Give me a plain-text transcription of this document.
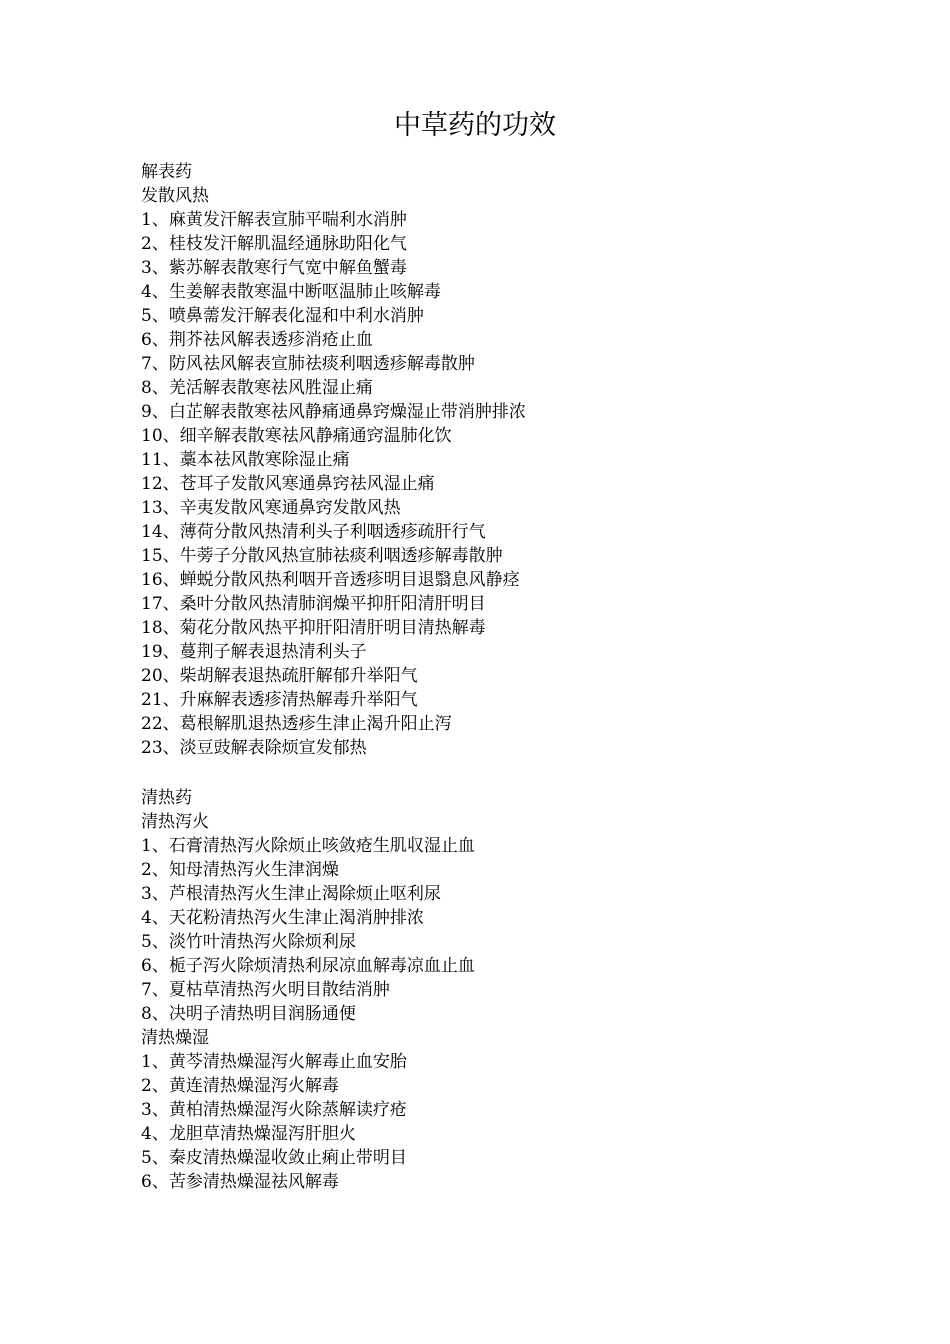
中草药的功效
解表药
发散风热
1、麻黄发汗解表宣肺平喘利水消肿
2、桂枝发汗解肌温经通脉助阳化气
3、紫苏解表散寒行气宽中解鱼蟹毒
4、生姜解表散寒温中断呕温肺止咳解毒
5、喷鼻薷发汗解表化湿和中利水消肿
6、荆芥祛风解表透疹消疮止血
7、防风祛风解表宣肺祛痰利咽透疹解毒散肿
8、羌活解表散寒祛风胜湿止痛
9、白芷解表散寒祛风静痛通鼻窍燥湿止带消肿排浓
10、细辛解表散寒祛风静痛通窍温肺化饮
11、藁本祛风散寒除湿止痛
12、苍耳子发散风寒通鼻窍祛风湿止痛
13、辛夷发散风寒通鼻窍发散风热
14、薄荷分散风热清利头子利咽透疹疏肝行气
15、牛蒡子分散风热宣肺祛痰利咽透疹解毒散肿
16、蝉蜕分散风热利咽开音透疹明目退翳息风静痉
17、桑叶分散风热清肺润燥平抑肝阳清肝明目
18、菊花分散风热平抑肝阳清肝明目清热解毒
19、蔓荆子解表退热清利头子
20、柴胡解表退热疏肝解郁升举阳气
21、升麻解表透疹清热解毒升举阳气
22、葛根解肌退热透疹生津止渴升阳止泻
23、淡豆豉解表除烦宣发郁热
清热药
清热泻火
1、石膏清热泻火除烦止咳敛疮生肌収湿止血
2、知母清热泻火生津润燥
3、芦根清热泻火生津止渴除烦止呕利尿
4、天花粉清热泻火生津止渴消肿排浓
5、淡竹叶清热泻火除烦利尿
6、栀子泻火除烦清热利尿凉血解毒凉血止血
7、夏枯草清热泻火明目散结消肿
8、决明子清热明目润肠通便
清热燥湿
1、黄芩清热燥湿泻火解毒止血安胎
2、黄连清热燥湿泻火解毒
3、黄柏清热燥湿泻火除蒸解读疗疮
4、龙胆草清热燥湿泻肝胆火
5、秦皮清热燥湿收敛止痢止带明目
6、苦参清热燥湿祛风解毒
